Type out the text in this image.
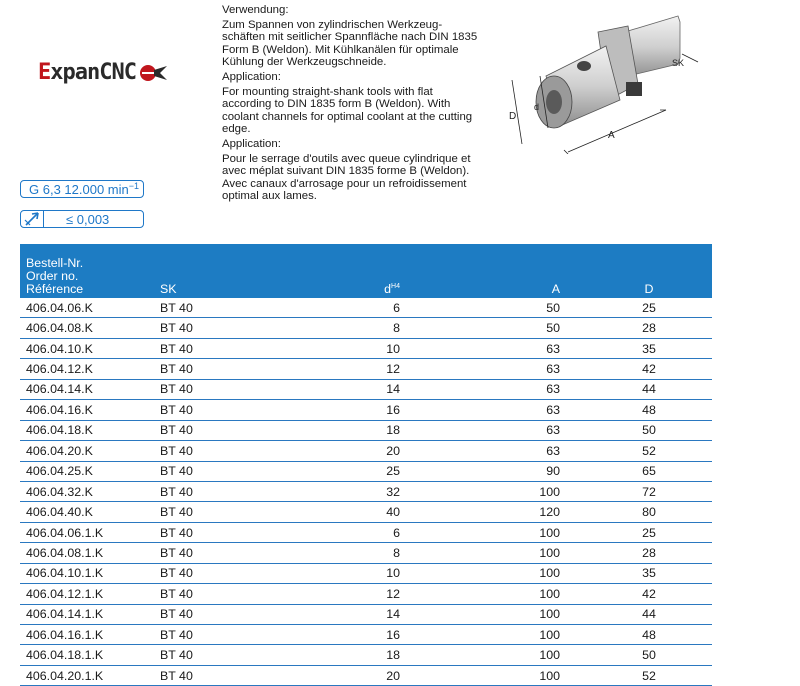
ExpanCNC
G 6,3 12.000 $\min^{-1}$
≤ 0,003

Verwendung:

Zum Spannen von zylindrischen Werkzeug-schäften mit seitlicher Spannfläche nach DIN 1835 Form B (Weldon). Mit Kühlkanälen für optimale Kühlung der Werkzeugschneide.

Application:

For mounting straight-shank tools with flat according to DIN 1835 form B (Weldon). With coolant channels for optimal coolant at the cutting edge.

Application:

Pour le serrage d'outils avec queue cylindrique et avec méplat suivant DIN 1835 forme B (Weldon). Avec canaux d'arrosage pour un refroidissement optimal aux lames.

D
d
A
SK
Bestell-Nr.
Order no.
Référence	SK	$d^{H4}$	A	D
406.04.06.K	BT 40	6	50	25
406.04.08.K	BT 40	8	50	28
406.04.10.K	BT 40	10	63	35
406.04.12.K	BT 40	12	63	42
406.04.14.K	BT 40	14	63	44
406.04.16.K	BT 40	16	63	48
406.04.18.K	BT 40	18	63	50
406.04.20.K	BT 40	20	63	52
406.04.25.K	BT 40	25	90	65
406.04.32.K	BT 40	32	100	72
406.04.40.K	BT 40	40	120	80
406.04.06.1.K	BT 40	6	100	25
406.04.08.1.K	BT 40	8	100	28
406.04.10.1.K	BT 40	10	100	35
406.04.12.1.K	BT 40	12	100	42
406.04.14.1.K	BT 40	14	100	44
406.04.16.1.K	BT 40	16	100	48
406.04.18.1.K	BT 40	18	100	50
406.04.20.1.K	BT 40	20	100	52
